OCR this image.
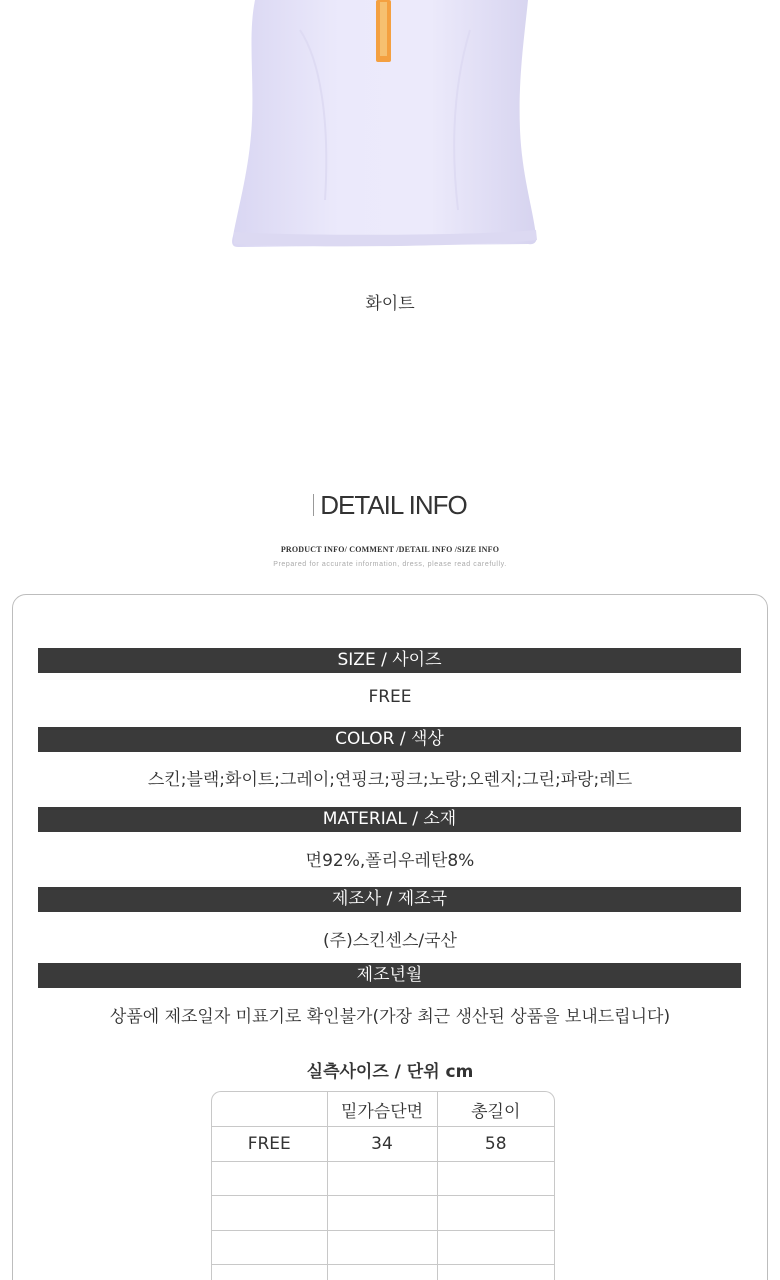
화이트
DETAIL INFO
PRODUCT INFO/ COMMENT /DETAIL INFO /SIZE INFO
Prepared for accurate information, dress, please read carefully.
SIZE / 사이즈
FREE
COLOR / 색상
스킨;블랙;화이트;그레이;연핑크;핑크;노랑;오렌지;그린;파랑;레드
MATERIAL / 소재
면92%,폴리우레탄8%
제조사 / 제조국
(주)스킨센스/국산
제조년월
상품에 제조일자 미표기로 확인불가(가장 최근 생산된 상품을 보내드립니다)
실측사이즈 / 단위 cm
	밑가슴단면	총길이
FREE	34	58
